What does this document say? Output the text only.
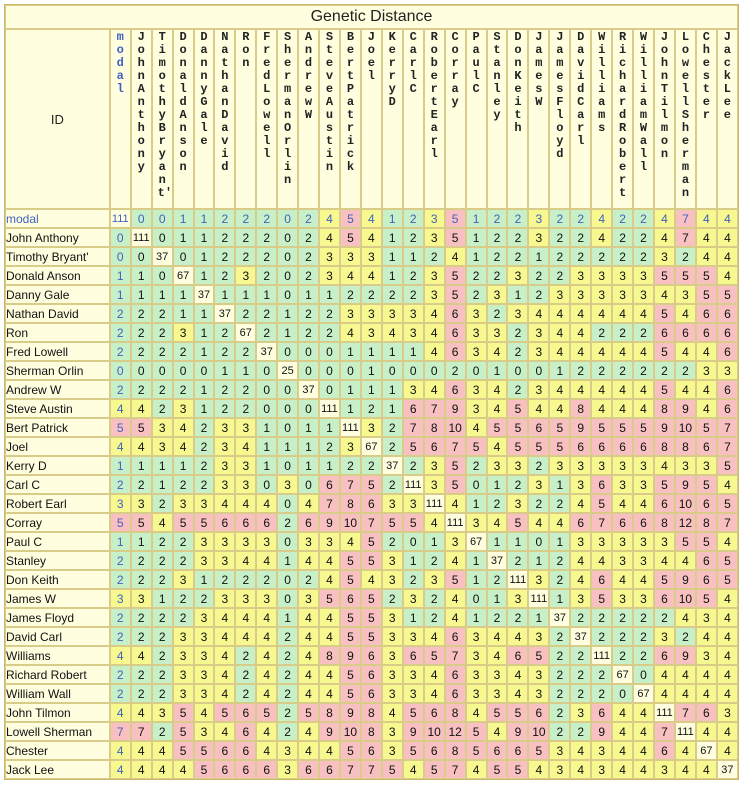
Genetic Distance																														
ID	modal	John Anthony	Timothy Bryant'	Donald Anson	Danny Gale	Nathan David	Ron	Fred Lowell	Sherman Orlin	Andrew W	Steve Austin	Bert Patrick	Joel	Kerry D	Carl C	Robert Earl	Corray	Paul C	Stanley	Don Keith	James W	James Floyd	David Carl	Williams	Richard Robert	William Wall	John Tilmon	Lowell Sherman	Chester	Jack Lee

modal	111	0	0	1	1	2	2	2	0	2	4	5	4	1	2	3	5	1	2	2	3	2	2	4	2	2	4	7	4	4
John Anthony	0	111	0	1	1	2	2	2	0	2	4	5	4	1	2	3	5	1	2	2	3	2	2	4	2	2	4	7	4	4
Timothy Bryant'	0	0	37	0	1	2	2	2	0	2	3	3	3	1	1	2	4	1	2	2	1	2	2	2	2	2	3	2	4	4
Donald Anson	1	1	0	67	1	2	3	2	0	2	3	4	4	1	2	3	5	2	2	3	2	2	3	3	3	3	5	5	5	4
Danny Gale	1	1	1	1	37	1	1	1	0	1	1	2	2	2	2	3	5	2	3	1	2	3	3	3	3	3	4	3	5	5
Nathan David	2	2	2	1	1	37	2	2	1	2	2	3	3	3	3	4	6	3	2	3	4	4	4	4	4	4	5	4	6	6
Ron	2	2	2	3	1	2	67	2	1	2	2	4	3	4	3	4	6	3	3	2	3	4	4	2	2	2	6	6	6	6
Fred Lowell	2	2	2	2	1	2	2	37	0	0	0	1	1	1	1	4	6	3	4	2	3	4	4	4	4	4	5	4	4	6
Sherman Orlin	0	0	0	0	0	1	1	0	25	0	0	0	1	0	0	0	2	0	1	0	0	1	2	2	2	2	2	2	3	3
Andrew W	2	2	2	2	1	2	2	0	0	37	0	1	1	1	3	4	6	3	4	2	3	4	4	4	4	4	5	4	4	6
Steve Austin	4	4	2	3	1	2	2	0	0	0	111	1	2	1	6	7	9	3	4	5	4	4	8	4	4	4	8	9	4	6
Bert Patrick	5	5	3	4	2	3	3	1	0	1	1	111	3	2	7	8	10	4	5	5	6	5	9	5	5	5	9	10	5	7
Joel	4	4	3	4	2	3	4	1	1	1	2	3	67	2	5	6	7	5	4	5	5	5	6	6	6	6	8	8	6	7
Kerry D	1	1	1	1	2	3	3	1	0	1	1	2	2	37	2	3	5	2	3	3	2	3	3	3	3	3	4	3	3	5
Carl C	2	2	1	2	2	3	3	0	3	0	6	7	5	2	111	3	5	0	1	2	3	1	3	6	3	3	5	9	5	4
Robert Earl	3	3	2	3	3	4	4	4	0	4	7	8	6	3	3	111	4	1	2	3	2	2	4	5	4	4	6	10	6	5
Corray	5	5	4	5	5	6	6	6	2	6	9	10	7	5	5	4	111	3	4	5	4	4	6	7	6	6	8	12	8	7
Paul C	1	1	2	2	3	3	3	3	0	3	3	4	5	2	0	1	3	67	1	1	0	1	3	3	3	3	3	5	5	4
Stanley	2	2	2	2	3	3	4	4	1	4	4	5	5	3	1	2	4	1	37	2	1	2	4	4	3	3	4	4	6	5
Don Keith	2	2	2	3	1	2	2	2	0	2	4	5	4	3	2	3	5	1	2	111	3	2	4	6	4	4	5	9	6	5
James W	3	3	1	2	2	3	3	3	0	3	5	6	5	2	3	2	4	0	1	3	111	1	3	5	3	3	6	10	5	4
James Floyd	2	2	2	2	3	4	4	4	1	4	4	5	5	3	1	2	4	1	2	2	1	37	2	2	2	2	2	4	3	4
David Carl	2	2	2	3	3	4	4	4	2	4	4	5	5	3	3	4	6	3	4	4	3	2	37	2	2	2	3	2	4	4
Williams	4	4	2	3	3	4	2	4	2	4	8	9	6	3	6	5	7	3	4	6	5	2	2	111	2	2	6	9	3	4
Richard Robert	2	2	2	3	3	4	2	4	2	4	4	5	6	3	3	4	6	3	3	4	3	2	2	2	67	0	4	4	4	4
William Wall	2	2	2	3	3	4	2	4	2	4	4	5	6	3	3	4	6	3	3	4	3	2	2	2	0	67	4	4	4	4
John Tilmon	4	4	3	5	4	5	6	5	2	5	8	9	8	4	5	6	8	4	5	5	6	2	3	6	4	4	111	7	6	3
Lowell Sherman	7	7	2	5	3	4	6	4	2	4	9	10	8	3	9	10	12	5	4	9	10	2	2	9	4	4	7	111	4	4
Chester	4	4	4	5	5	6	6	4	3	4	4	5	6	3	5	6	8	5	6	6	5	3	4	3	4	4	6	4	67	4
Jack Lee	4	4	4	4	5	6	6	6	3	6	6	7	7	5	4	5	7	4	5	5	4	3	4	3	4	4	3	4	4	37
